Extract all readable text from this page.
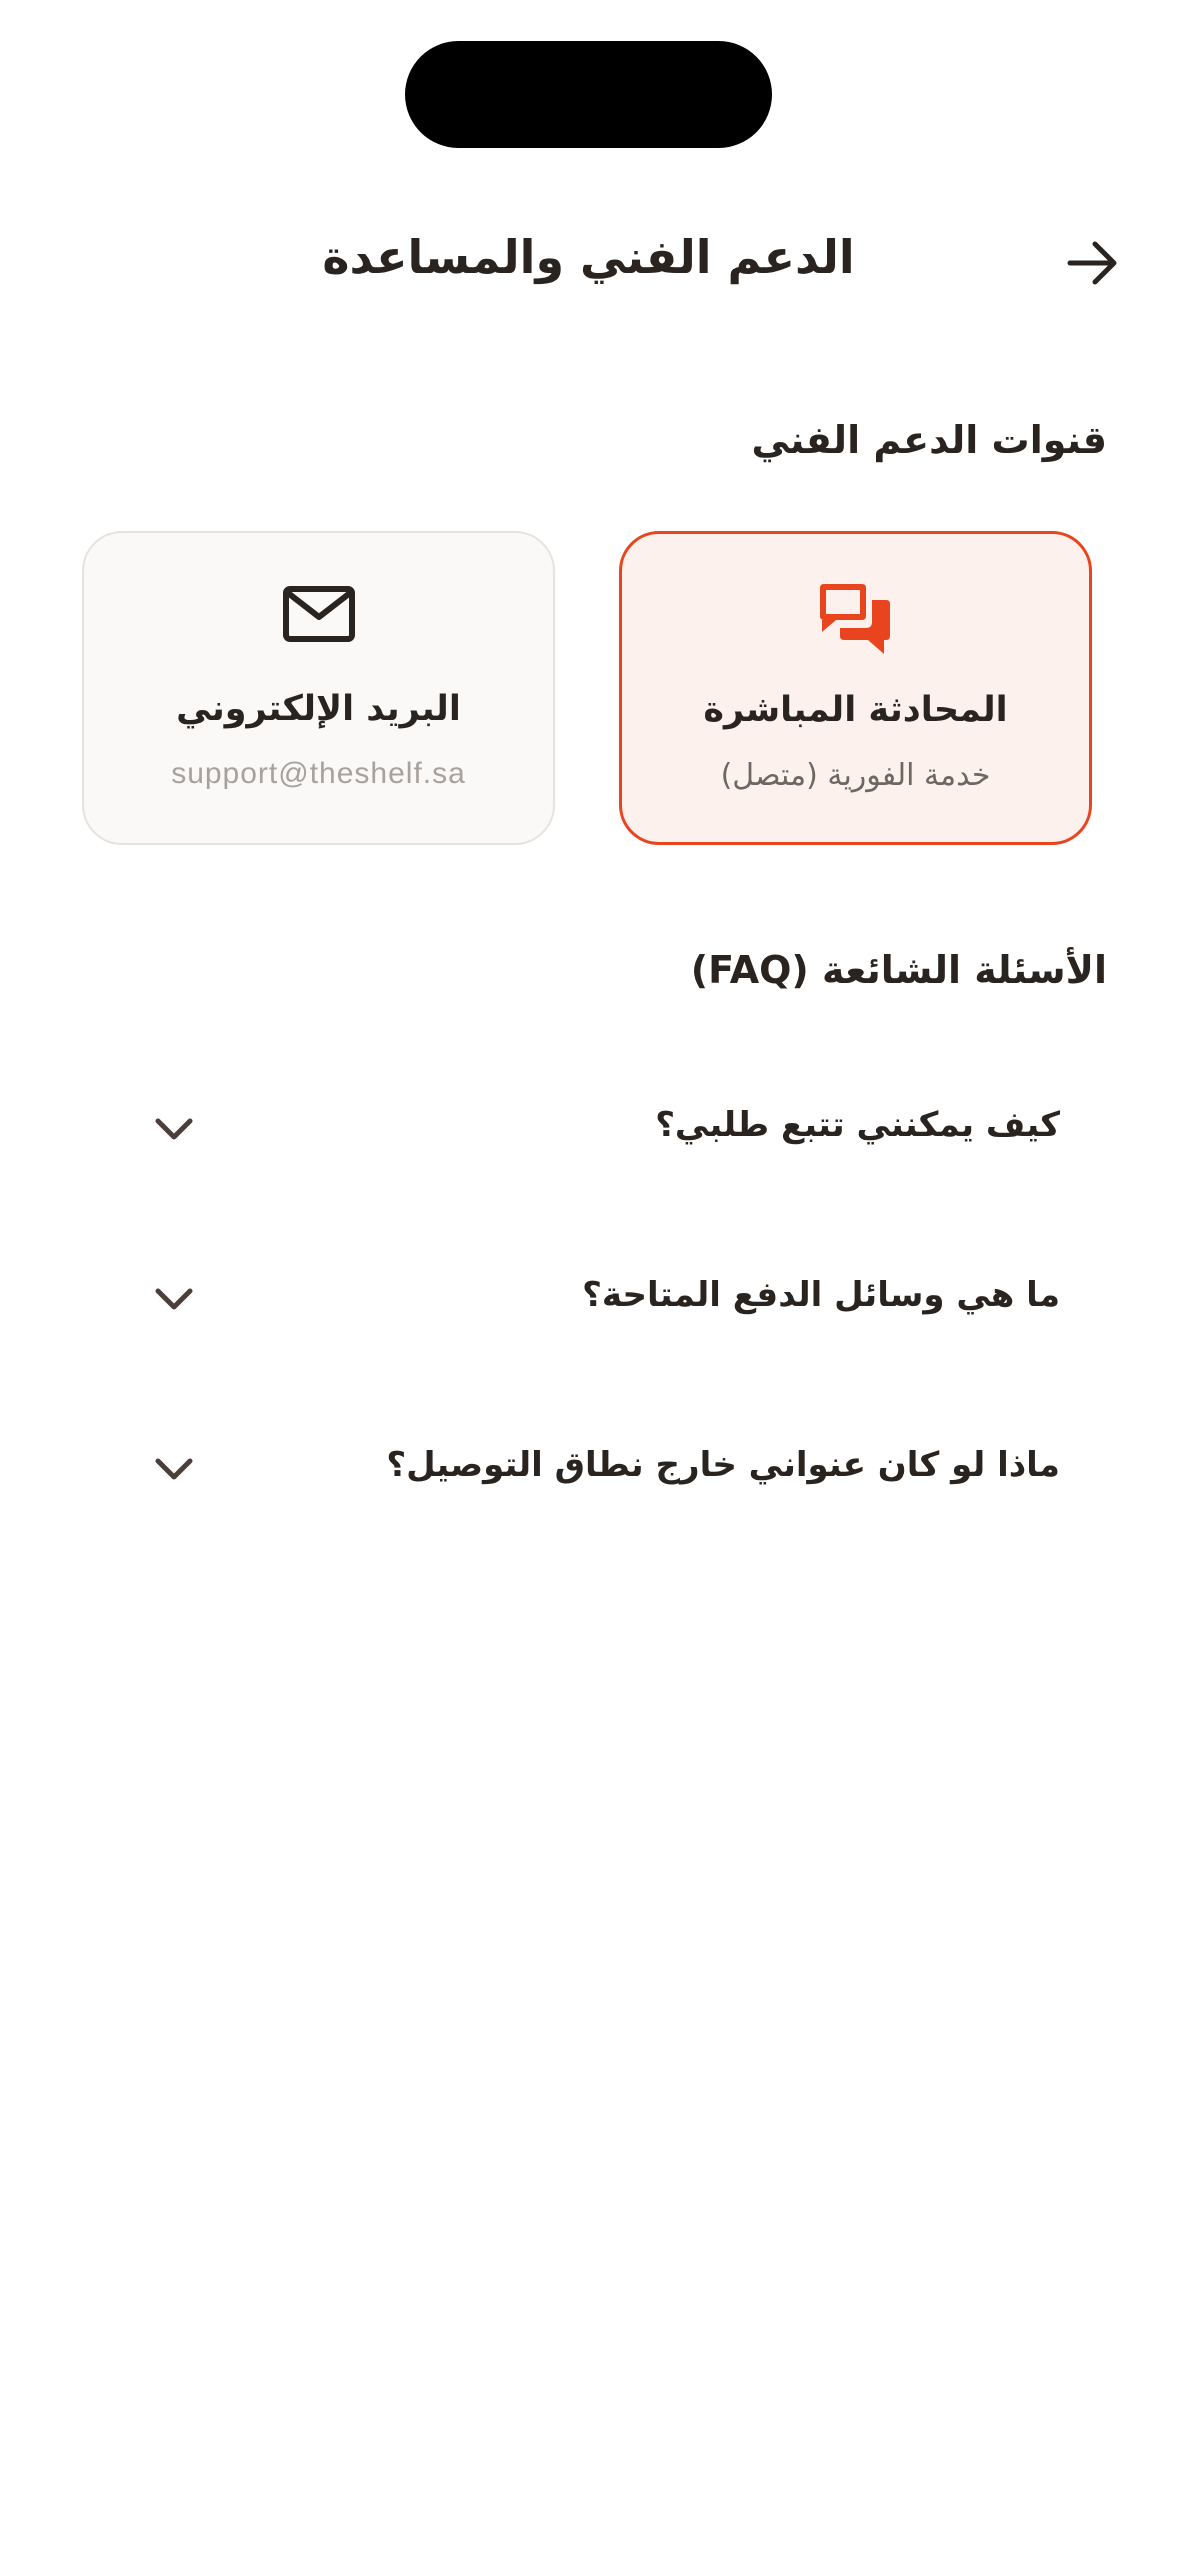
الدعم الفني والمساعدة
قنوات الدعم الفني
المحادثة المباشرة
خدمة الفورية (متصل)
البريد الإلكتروني
support@theshelf.sa
الأسئلة الشائعة (FAQ)
كيف يمكنني تتبع طلبي؟
ما هي وسائل الدفع المتاحة؟
ماذا لو كان عنواني خارج نطاق التوصيل؟
